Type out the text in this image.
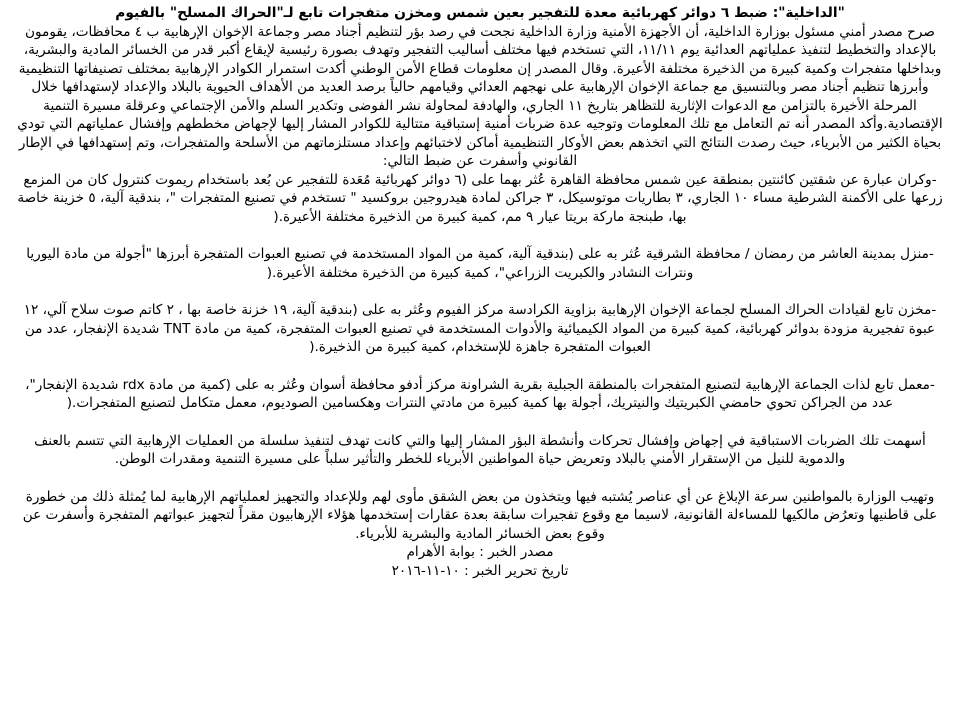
"الداخلية": ضبط ٦ دوائر كهربائية معدة للتفجير بعين شمس ومخزن متفجرات تابع لـ"الحراك المسلح" بالفيوم

صرح مصدر أمني مسئول بوزارة الداخلية، أن الأجهزة الأمنية وزارة الداخلية نجحت في رصد بؤر لتنظيم أجناد مصر وجماعة الإخوان الإرهابية ب ٤ محافظات، يقومون بالإعداد والتخطيط لتنفيذ عملياتهم العدائية يوم ١١/١١، التي تستخدم فيها مختلف أساليب التفجير وتهدف بصورة رئيسية لإيقاع أكبر قدر من الخسائر المادية والبشرية، وبداخلها متفجرات وكمية كبيرة من الذخيرة مختلفة الأعيرة. وقال المصدر إن معلومات قطاع الأمن الوطني أكدت استمرار الكوادر الإرهابية بمختلف تصنيفاتها التنظيمية وأبرزها تنظيم أجناد مصر وبالتنسيق مع جماعة الإخوان الإرهابية على نهجهم العدائي وقيامهم حالياً برصد العديد من الأهداف الحيوية بالبلاد والإعداد لإستهدافها خلال المرحلة الأخيرة بالتزامن مع الدعوات الإثارية للتظاهر بتاريخ ١١ الجاري، والهادفة لمحاولة نشر الفوضى وتكدير السلم والأمن الإجتماعي وعرقلة مسيرة التنمية الإقتصادية.وأكد المصدر أنه تم التعامل مع تلك المعلومات وتوجيه عدة ضربات أمنية إستباقية متتالية للكوادر المشار إليها لإجهاض مخططهم وإفشال عملياتهم التي تودي بحياة الكثير من الأبرياء، حيث رصدت النتائج التي اتخذهم بعض الأوكار التنظيمية أماكن لاختبائهم وإعداد مستلزماتهم من الأسلحة والمتفجرات، وتم إستهدافها في الإطار القانوني وأسفرت عن ضبط التالي:

-وكران عبارة عن شقتين كائنتين بمنطقة عين شمس محافظة القاهرة عُثر بهما على (٦ دوائر كهربائية مُعَدة للتفجير عن بُعد باستخدام ريموت كنترول كان من المزمع زرعها على الأكمنة الشرطية مساء ١٠ الجاري، ٣ بطاريات موتوسيكل، ٣ جراكن لمادة هيدروجين بروكسيد " تستخدم في تصنيع المتفجرات "، بندقية آلية، ٥ خزينة خاصة بها، طبنجة ماركة بريتا عيار ٩ مم، كمية كبيرة من الذخيرة مختلفة الأعيرة.(

-منزل بمدينة العاشر من رمضان / محافظة الشرقية عُثر به على (بندقية آلية، كمية من المواد المستخدمة في تصنيع العبوات المتفجرة أبرزها "أجولة من مادة اليوريا ونترات النشادر والكبريت الزراعي"، كمية كبيرة من الذخيرة مختلفة الأعيرة.(

-مخزن تابع لقيادات الحراك المسلح لجماعة الإخوان الإرهابية بزاوية الكرادسة مركز الفيوم وعُثر به على (بندقية آلية، ١٩ خزنة خاصة بها ، ٢ كاتم صوت سلاح آلي، ١٢ عبوة تفجيرية مزودة بدوائر كهربائية، كمية كبيرة من المواد الكيميائية والأدوات المستخدمة في تصنيع العبوات المتفجرة، كمية من مادة TNT شديدة الإنفجار، عدد من العبوات المتفجرة جاهزة للإستخدام، كمية كبيرة من الذخيرة.(

-معمل تابع لذات الجماعة الإرهابية لتصنيع المتفجرات بالمنطقة الجبلية بقرية الشراونة مركز أدفو محافظة أسوان وعُثر به على (كمية من مادة rdx شديدة الإنفجار"، عدد من الجراكن تحوي حامضي الكبريتيك والنيتريك، أجولة بها كمية كبيرة من مادتي النترات وهكسامين الصوديوم، معمل متكامل لتصنيع المتفجرات.(

أسهمت تلك الضربات الاستباقية في إجهاض وإفشال تحركات وأنشطة البؤر المشار إليها والتي كانت تهدف لتنفيذ سلسلة من العمليات الإرهابية التي تتسم بالعنف والدموية للنيل من الإستقرار الأمني بالبلاد وتعريض حياة المواطنين الأبرياء للخطر والتأثير سلباً على مسيرة التنمية ومقدرات الوطن.

وتهيب الوزارة بالمواطنين سرعة الإبلاغ عن أي عناصر يُشتبه فيها ويتخذون من بعض الشقق مأوى لهم وللإعداد والتجهيز لعملياتهم الإرهابية لما يُمثلة ذلك من خطورة على قاطنيها وتعرُض مالكيها للمساءلة القانونية، لاسيما مع وقوع تفجيرات سابقة بعدة عقارات إستخدمها هؤلاء الإرهابيون مقراً لتجهيز عبواتهم المتفجرة وأسفرت عن وقوع بعض الخسائر المادية والبشرية للأبرياء.

مصدر الخبر : بوابة الأهرام

تاريخ تحرير الخبر : ١٠-١١-٢٠١٦
